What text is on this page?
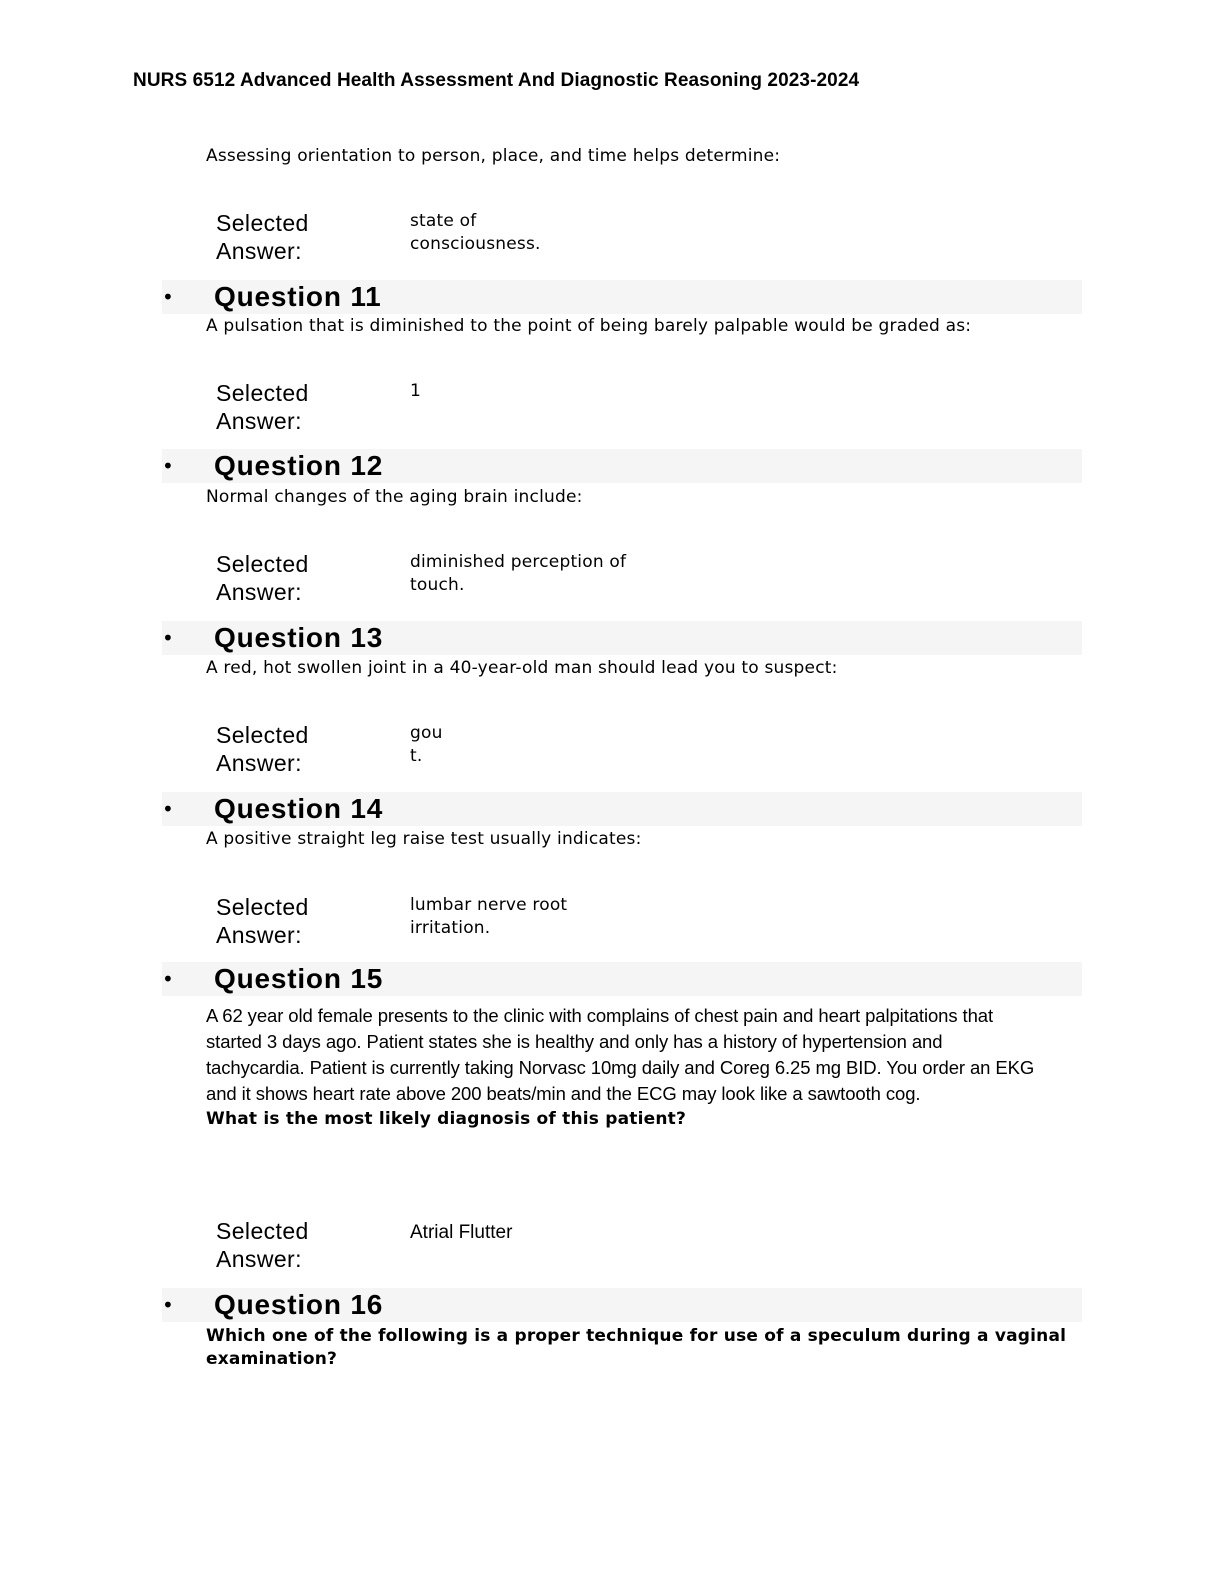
NURS 6512 Advanced Health Assessment And Diagnostic Reasoning 2023-2024
Assessing orientation to person, place, and time helps determine:
Selected
Answer:
state of
consciousness.
• Question 11
A pulsation that is diminished to the point of being barely palpable would be graded as:
Selected
Answer:
1
• Question 12
Normal changes of the aging brain include:
Selected
Answer:
diminished perception of
touch.
• Question 13
A red, hot swollen joint in a 40-year-old man should lead you to suspect:
Selected
Answer:
gou
t.
• Question 14
A positive straight leg raise test usually indicates:
Selected
Answer:
lumbar nerve root
irritation.
• Question 15
A 62 year old female presents to the clinic with complains of chest pain and heart palpitations that
started 3 days ago. Patient states she is healthy and only has a history of hypertension and
tachycardia. Patient is currently taking Norvasc 10mg daily and Coreg 6.25 mg BID. You order an EKG
and it shows heart rate above 200 beats/min and the ECG may look like a sawtooth cog.
What is the most likely diagnosis of this patient?
Selected
Answer:
Atrial Flutter
• Question 16
Which one of the following is a proper technique for use of a speculum during a vaginal
examination?
